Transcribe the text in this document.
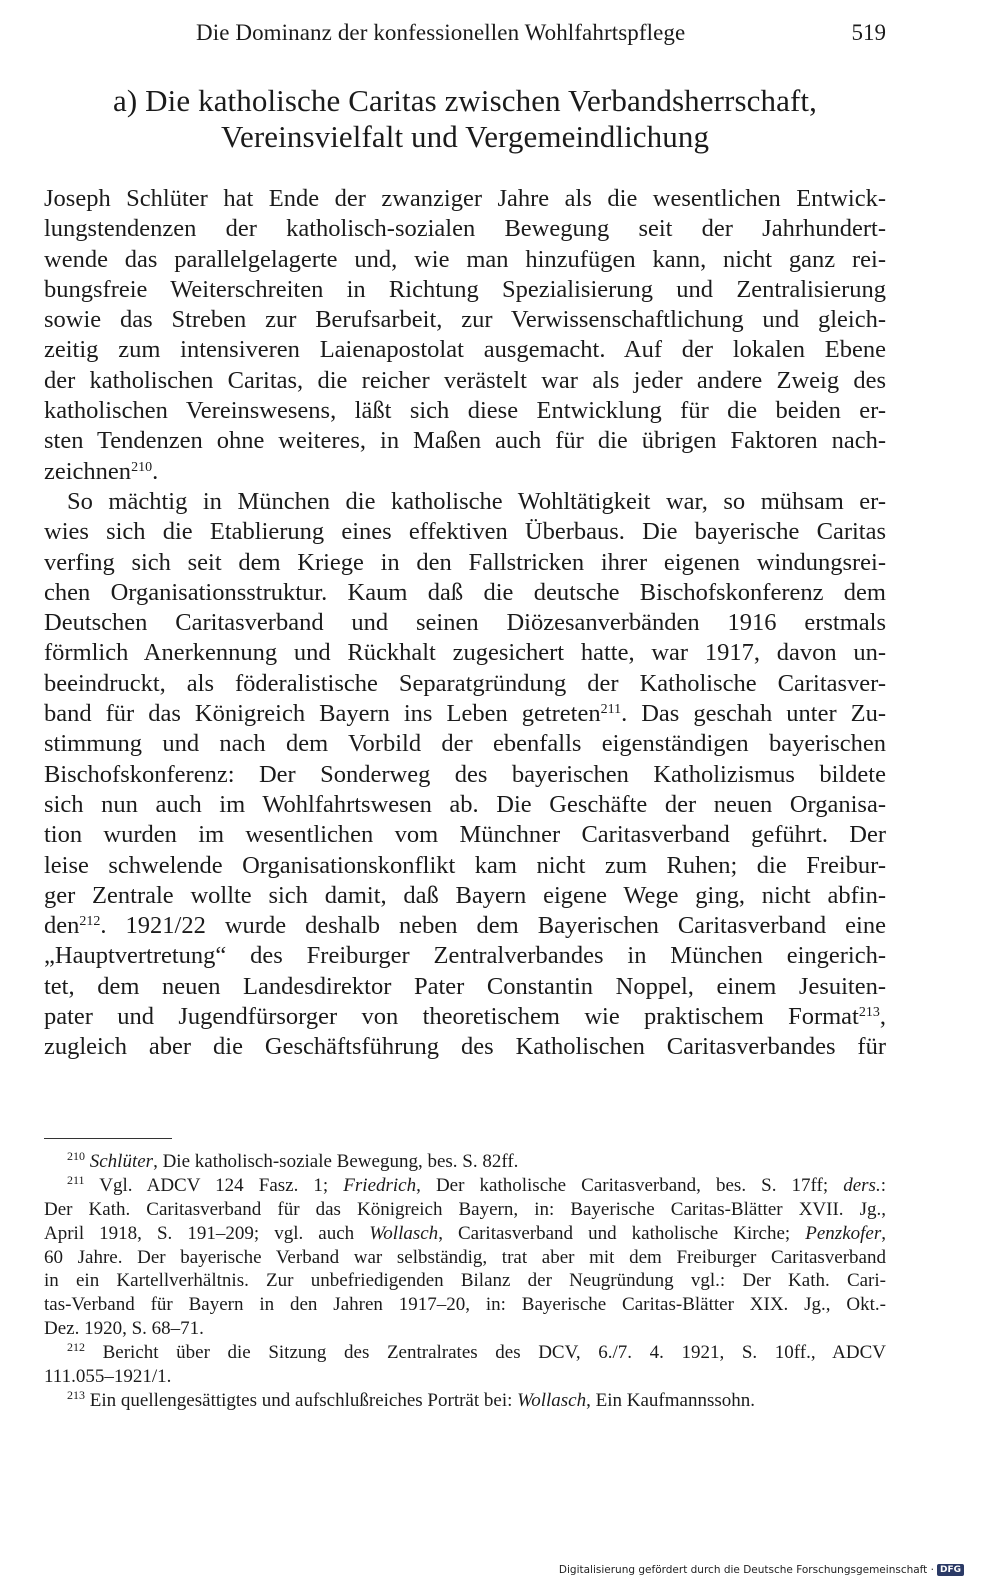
Die Dominanz der konfessionellen Wohlfahrtspflege	519
a) Die katholische Caritas zwischen Verbandsherrschaft,
Vereinsvielfalt und Vergemeindlichung
Joseph Schlüter hat Ende der zwanziger Jahre als die wesentlichen Entwick-
lungstendenzen der katholisch-sozialen Bewegung seit der Jahrhundert-
wende das parallelgelagerte und, wie man hinzufügen kann, nicht ganz rei-
bungsfreie Weiterschreiten in Richtung Spezialisierung und Zentralisierung
sowie das Streben zur Berufsarbeit, zur Verwissenschaftlichung und gleich-
zeitig zum intensiveren Laienapostolat ausgemacht. Auf der lokalen Ebene
der katholischen Caritas, die reicher verästelt war als jeder andere Zweig des
katholischen Vereinswesens, läßt sich diese Entwicklung für die beiden er-
sten Tendenzen ohne weiteres, in Maßen auch für die übrigen Faktoren nach-
zeichnen$^{210}$.
So mächtig in München die katholische Wohltätigkeit war, so mühsam er-
wies sich die Etablierung eines effektiven Überbaus. Die bayerische Caritas
verfing sich seit dem Kriege in den Fallstricken ihrer eigenen windungsrei-
chen Organisationsstruktur. Kaum daß die deutsche Bischofskonferenz dem
Deutschen Caritasverband und seinen Diözesanverbänden 1916 erstmals
förmlich Anerkennung und Rückhalt zugesichert hatte, war 1917, davon un-
beeindruckt, als föderalistische Separatgründung der Katholische Caritasver-
band für das Königreich Bayern ins Leben getreten$^{211}$. Das geschah unter Zu-
stimmung und nach dem Vorbild der ebenfalls eigenständigen bayerischen
Bischofskonferenz: Der Sonderweg des bayerischen Katholizismus bildete
sich nun auch im Wohlfahrtswesen ab. Die Geschäfte der neuen Organisa-
tion wurden im wesentlichen vom Münchner Caritasverband geführt. Der
leise schwelende Organisationskonflikt kam nicht zum Ruhen; die Freibur-
ger Zentrale wollte sich damit, daß Bayern eigene Wege ging, nicht abfin-
den$^{212}$. 1921/22 wurde deshalb neben dem Bayerischen Caritasverband eine
„Hauptvertretung“ des Freiburger Zentralverbandes in München eingerich-
tet, dem neuen Landesdirektor Pater Constantin Noppel, einem Jesuiten-
pater und Jugendfürsorger von theoretischem wie praktischem Format$^{213}$,
zugleich aber die Geschäftsführung des Katholischen Caritasverbandes für
$^{210}$ Schlüter, Die katholisch-soziale Bewegung, bes. S. 82ff.
$^{211}$ Vgl. ADCV 124 Fasz. 1; Friedrich, Der katholische Caritasverband, bes. S. 17ff; ders.:
Der Kath. Caritasverband für das Königreich Bayern, in: Bayerische Caritas-Blätter XVII. Jg.,
April 1918, S. 191–209; vgl. auch Wollasch, Caritasverband und katholische Kirche; Penzkofer,
60 Jahre. Der bayerische Verband war selbständig, trat aber mit dem Freiburger Caritasverband
in ein Kartellverhältnis. Zur unbefriedigenden Bilanz der Neugründung vgl.: Der Kath. Cari-
tas-Verband für Bayern in den Jahren 1917–20, in: Bayerische Caritas-Blätter XIX. Jg., Okt.-
Dez. 1920, S. 68–71.
$^{212}$ Bericht über die Sitzung des Zentralrates des DCV, 6./7. 4. 1921, S. 10ff., ADCV
111.055–1921/1.
$^{213}$ Ein quellengesättigtes und aufschlußreiches Porträt bei: Wollasch, Ein Kaufmannssohn.
Digitalisierung gefördert durch die Deutsche Forschungsgemeinschaft · DFG
